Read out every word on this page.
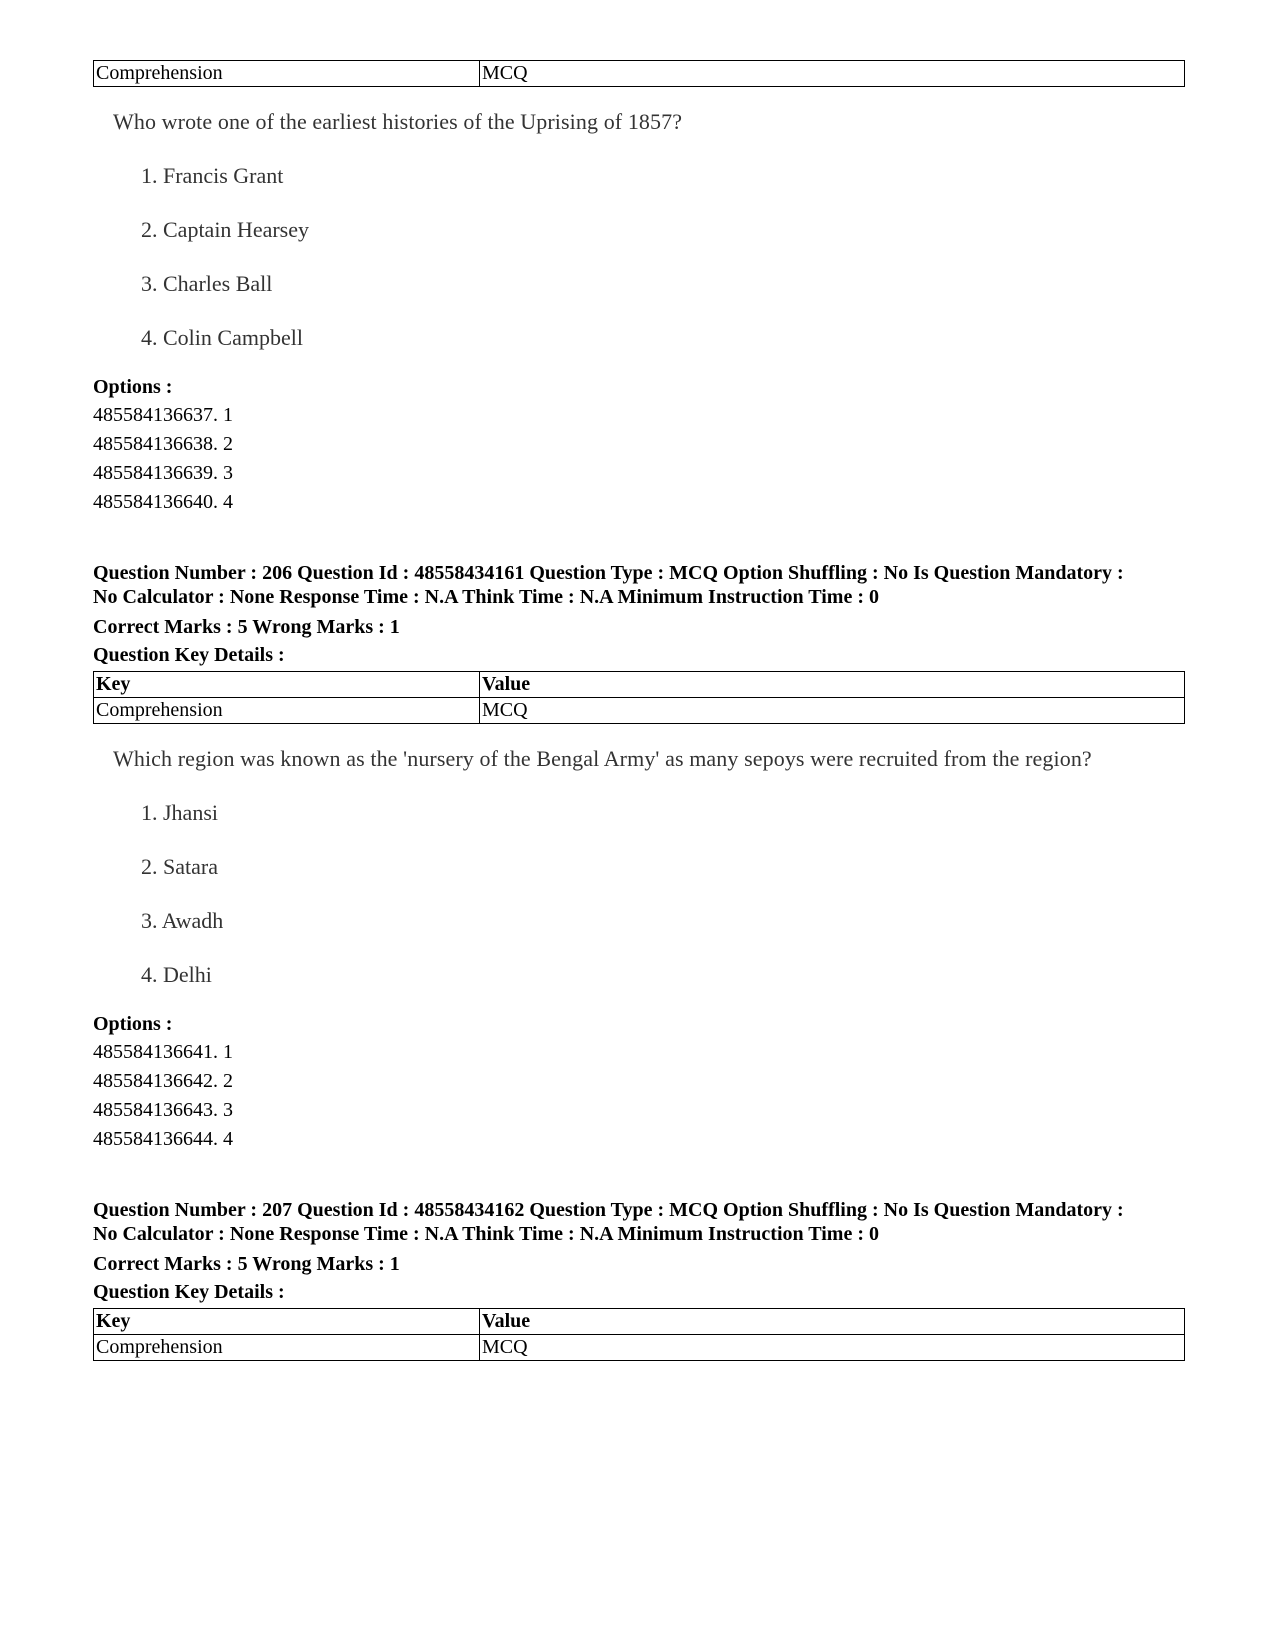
Comprehension	MCQ
Who wrote one of the earliest histories of the Uprising of 1857?
1. Francis Grant
2. Captain Hearsey
3. Charles Ball
4. Colin Campbell
Options :
485584136637. 1
485584136638. 2
485584136639. 3
485584136640. 4
Question Number : 206 Question Id : 48558434161 Question Type : MCQ Option Shuffling : No Is Question Mandatory :
No Calculator : None Response Time : N.A Think Time : N.A Minimum Instruction Time : 0
Correct Marks : 5 Wrong Marks : 1
Question Key Details :
Key	Value
Comprehension	MCQ
Which region was known as the 'nursery of the Bengal Army' as many sepoys were recruited from the region?
1. Jhansi
2. Satara
3. Awadh
4. Delhi
Options :
485584136641. 1
485584136642. 2
485584136643. 3
485584136644. 4
Question Number : 207 Question Id : 48558434162 Question Type : MCQ Option Shuffling : No Is Question Mandatory :
No Calculator : None Response Time : N.A Think Time : N.A Minimum Instruction Time : 0
Correct Marks : 5 Wrong Marks : 1
Question Key Details :
Key	Value
Comprehension	MCQ
